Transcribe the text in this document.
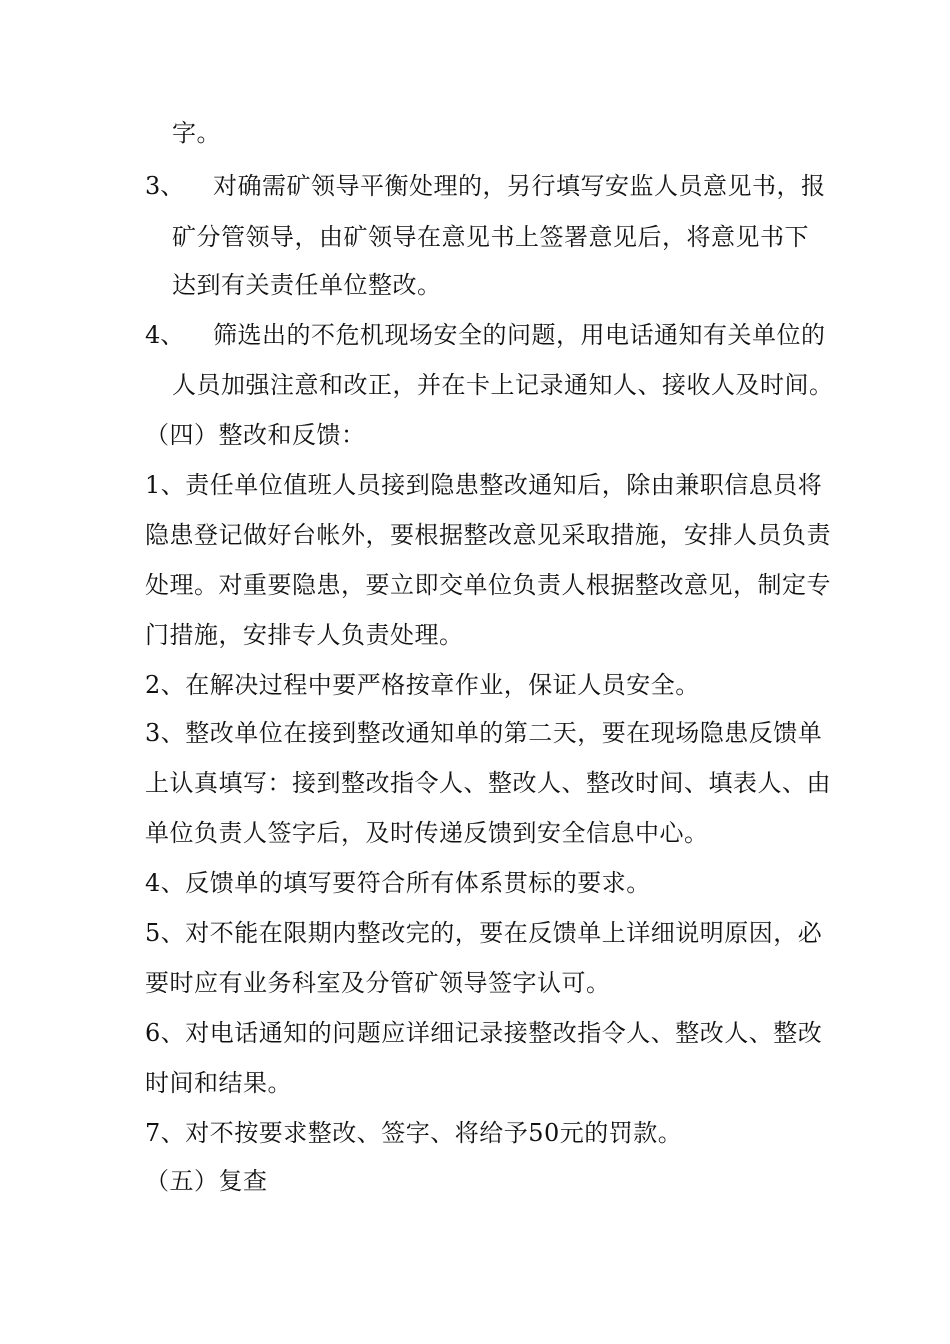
字。
3、 对确需矿领导平衡处理的，另行填写安监人员意见书，报
矿分管领导，由矿领导在意见书上签署意见后，将意见书下
达到有关责任单位整改。
4、 筛选出的不危机现场安全的问题，用电话通知有关单位的
人员加强注意和改正，并在卡上记录通知人、接收人及时间。
（四）整改和反馈：
1、责任单位值班人员接到隐患整改通知后，除由兼职信息员将
隐患登记做好台帐外，要根据整改意见采取措施，安排人员负责
处理。对重要隐患，要立即交单位负责人根据整改意见，制定专
门措施，安排专人负责处理。
2、在解决过程中要严格按章作业，保证人员安全。
3、整改单位在接到整改通知单的第二天，要在现场隐患反馈单
上认真填写：接到整改指令人、整改人、整改时间、填表人、由
单位负责人签字后，及时传递反馈到安全信息中心。
4、反馈单的填写要符合所有体系贯标的要求。
5、对不能在限期内整改完的，要在反馈单上详细说明原因，必
要时应有业务科室及分管矿领导签字认可。
6、对电话通知的问题应详细记录接整改指令人、整改人、整改
时间和结果。
7、对不按要求整改、签字、将给予50元的罚款。
（五）复查
